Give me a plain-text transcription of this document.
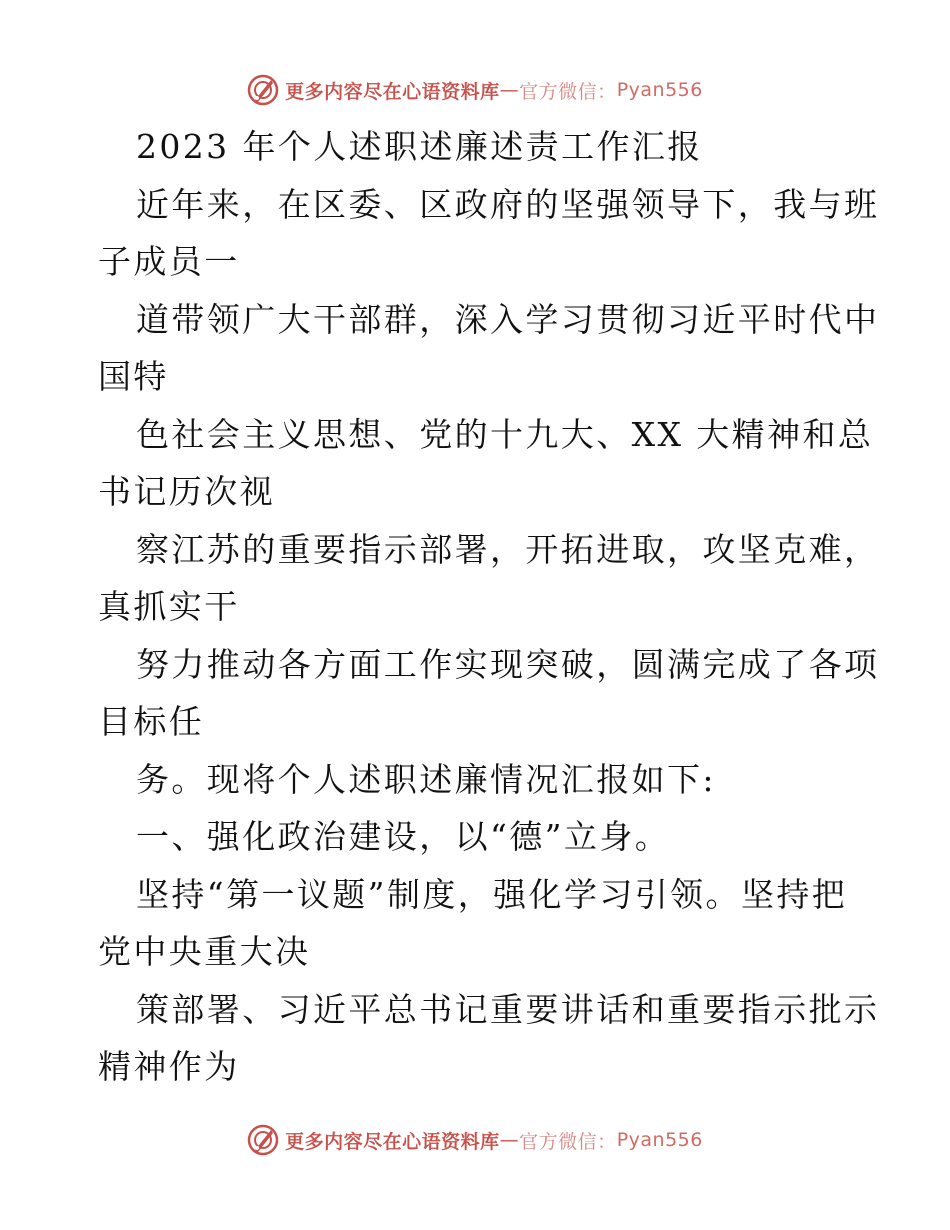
更多内容尽在心语资料库 — 官方微信： Pyan556
2023 年个人述职述廉述责工作汇报
近年来，在区委、区政府的坚强领导下，我与班
子成员一
道带领广大干部群，深入学习贯彻习近平时代中
国特
色社会主义思想、党的十九大、XX 大精神和总
书记历次视
察江苏的重要指示部署，开拓进取，攻坚克难，
真抓实干
努力推动各方面工作实现突破，圆满完成了各项
目标任
务。现将个人述职述廉情况汇报如下:
一、强化政治建设，以“德”立身。
坚持“第一议题”制度，强化学习引领。坚持把
党中央重大决
策部署、习近平总书记重要讲话和重要指示批示
精神作为
更多内容尽在心语资料库 — 官方微信： Pyan556
